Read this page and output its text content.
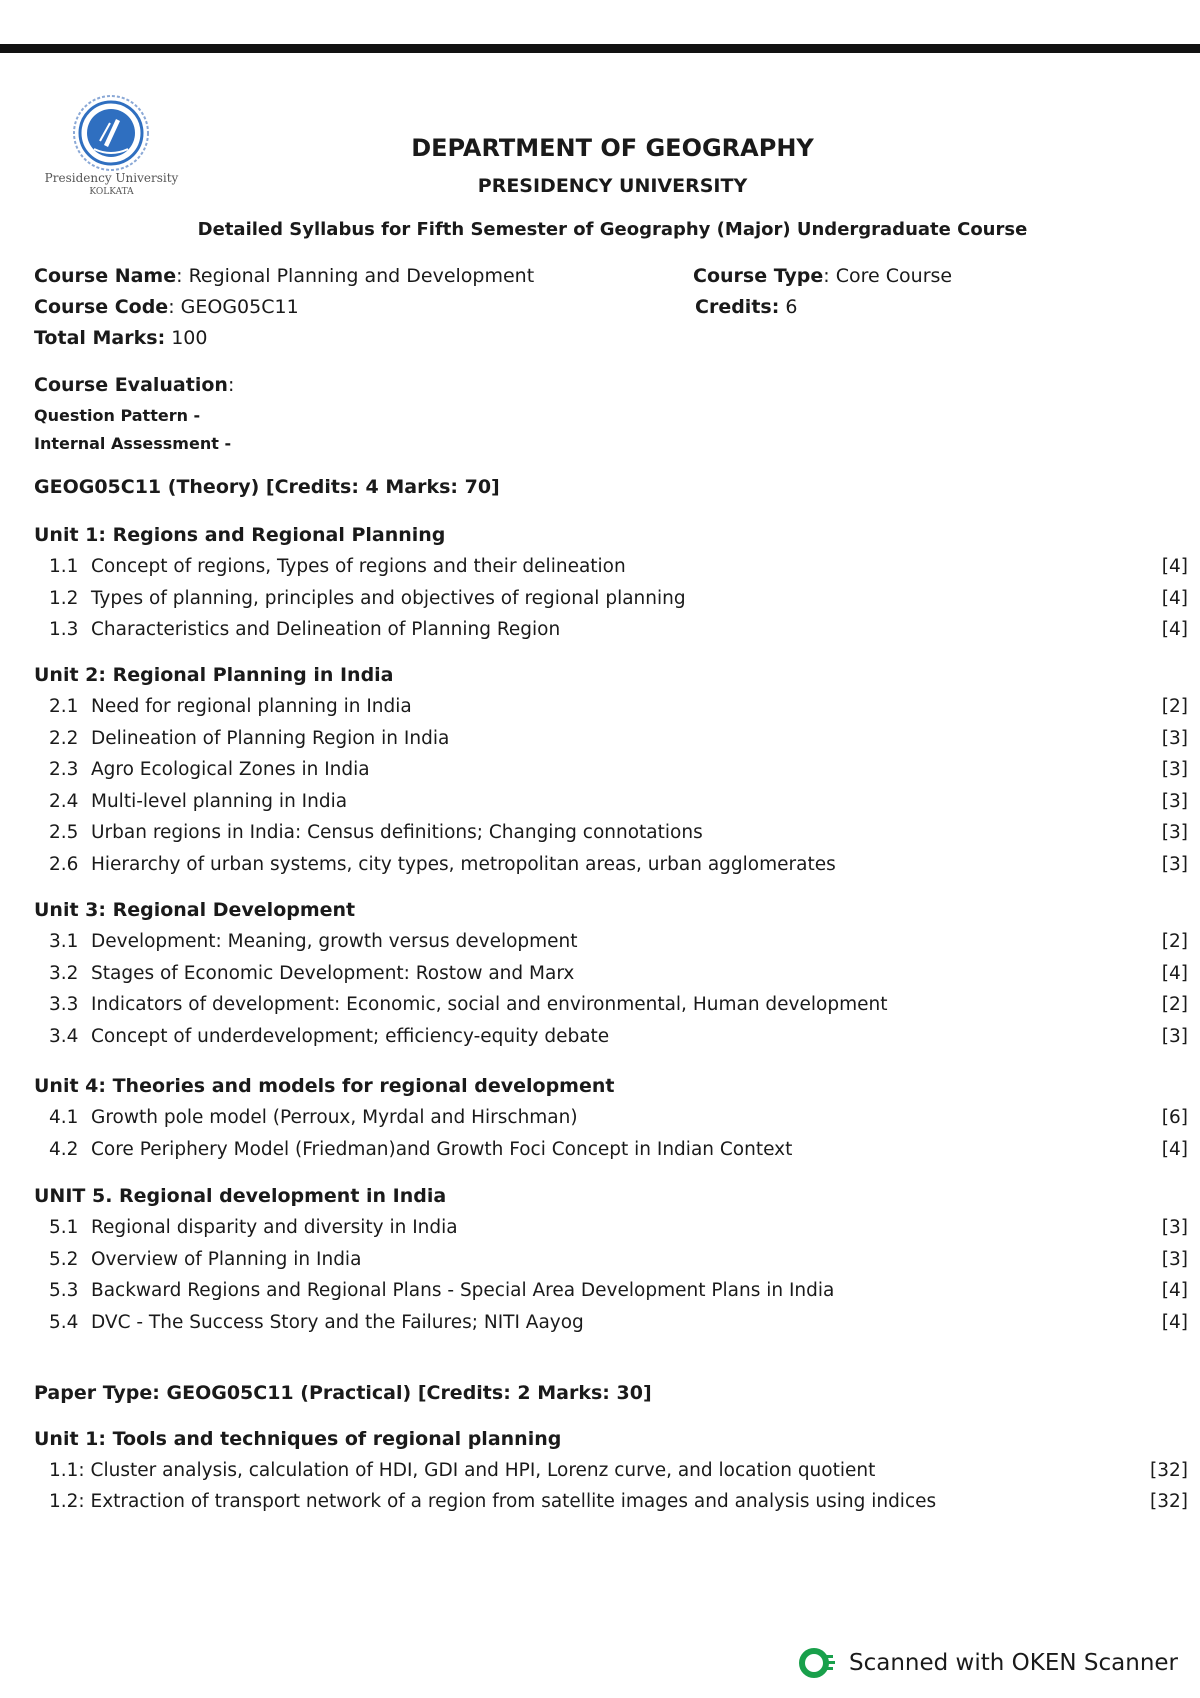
Presidency University
KOLKATA
DEPARTMENT OF GEOGRAPHY
PRESIDENCY UNIVERSITY
Detailed Syllabus for Fifth Semester of Geography (Major) Undergraduate Course
Course Name: Regional Planning and Development	Course Type: Core Course
Course Code: GEOG05C11	Credits: 6
Total Marks: 100
Course Evaluation:
Question Pattern -
Internal Assessment -
GEOG05C11 (Theory) [Credits: 4 Marks: 70]
Unit 1: Regions and Regional Planning
1.1 Concept of regions, Types of regions and their delineation	[4]
1.2 Types of planning, principles and objectives of regional planning	[4]
1.3 Characteristics and Delineation of Planning Region	[4]
Unit 2: Regional Planning in India
2.1 Need for regional planning in India	[2]
2.2 Delineation of Planning Region in India	[3]
2.3 Agro Ecological Zones in India	[3]
2.4 Multi-level planning in India	[3]
2.5 Urban regions in India: Census definitions; Changing connotations	[3]
2.6 Hierarchy of urban systems, city types, metropolitan areas, urban agglomerates	[3]
Unit 3: Regional Development
3.1 Development: Meaning, growth versus development	[2]
3.2 Stages of Economic Development: Rostow and Marx	[4]
3.3 Indicators of development: Economic, social and environmental, Human development	[2]
3.4 Concept of underdevelopment; efficiency-equity debate	[3]
Unit 4: Theories and models for regional development
4.1 Growth pole model (Perroux, Myrdal and Hirschman)	[6]
4.2 Core Periphery Model (Friedman)and Growth Foci Concept in Indian Context	[4]
UNIT 5. Regional development in India
5.1 Regional disparity and diversity in India	[3]
5.2 Overview of Planning in India	[3]
5.3 Backward Regions and Regional Plans - Special Area Development Plans in India	[4]
5.4 DVC - The Success Story and the Failures; NITI Aayog	[4]
Paper Type: GEOG05C11 (Practical) [Credits: 2 Marks: 30]
Unit 1: Tools and techniques of regional planning
1.1: Cluster analysis, calculation of HDI, GDI and HPI, Lorenz curve, and location quotient	[32]
1.2: Extraction of transport network of a region from satellite images and analysis using indices	[32]
Scanned with OKEN Scanner
